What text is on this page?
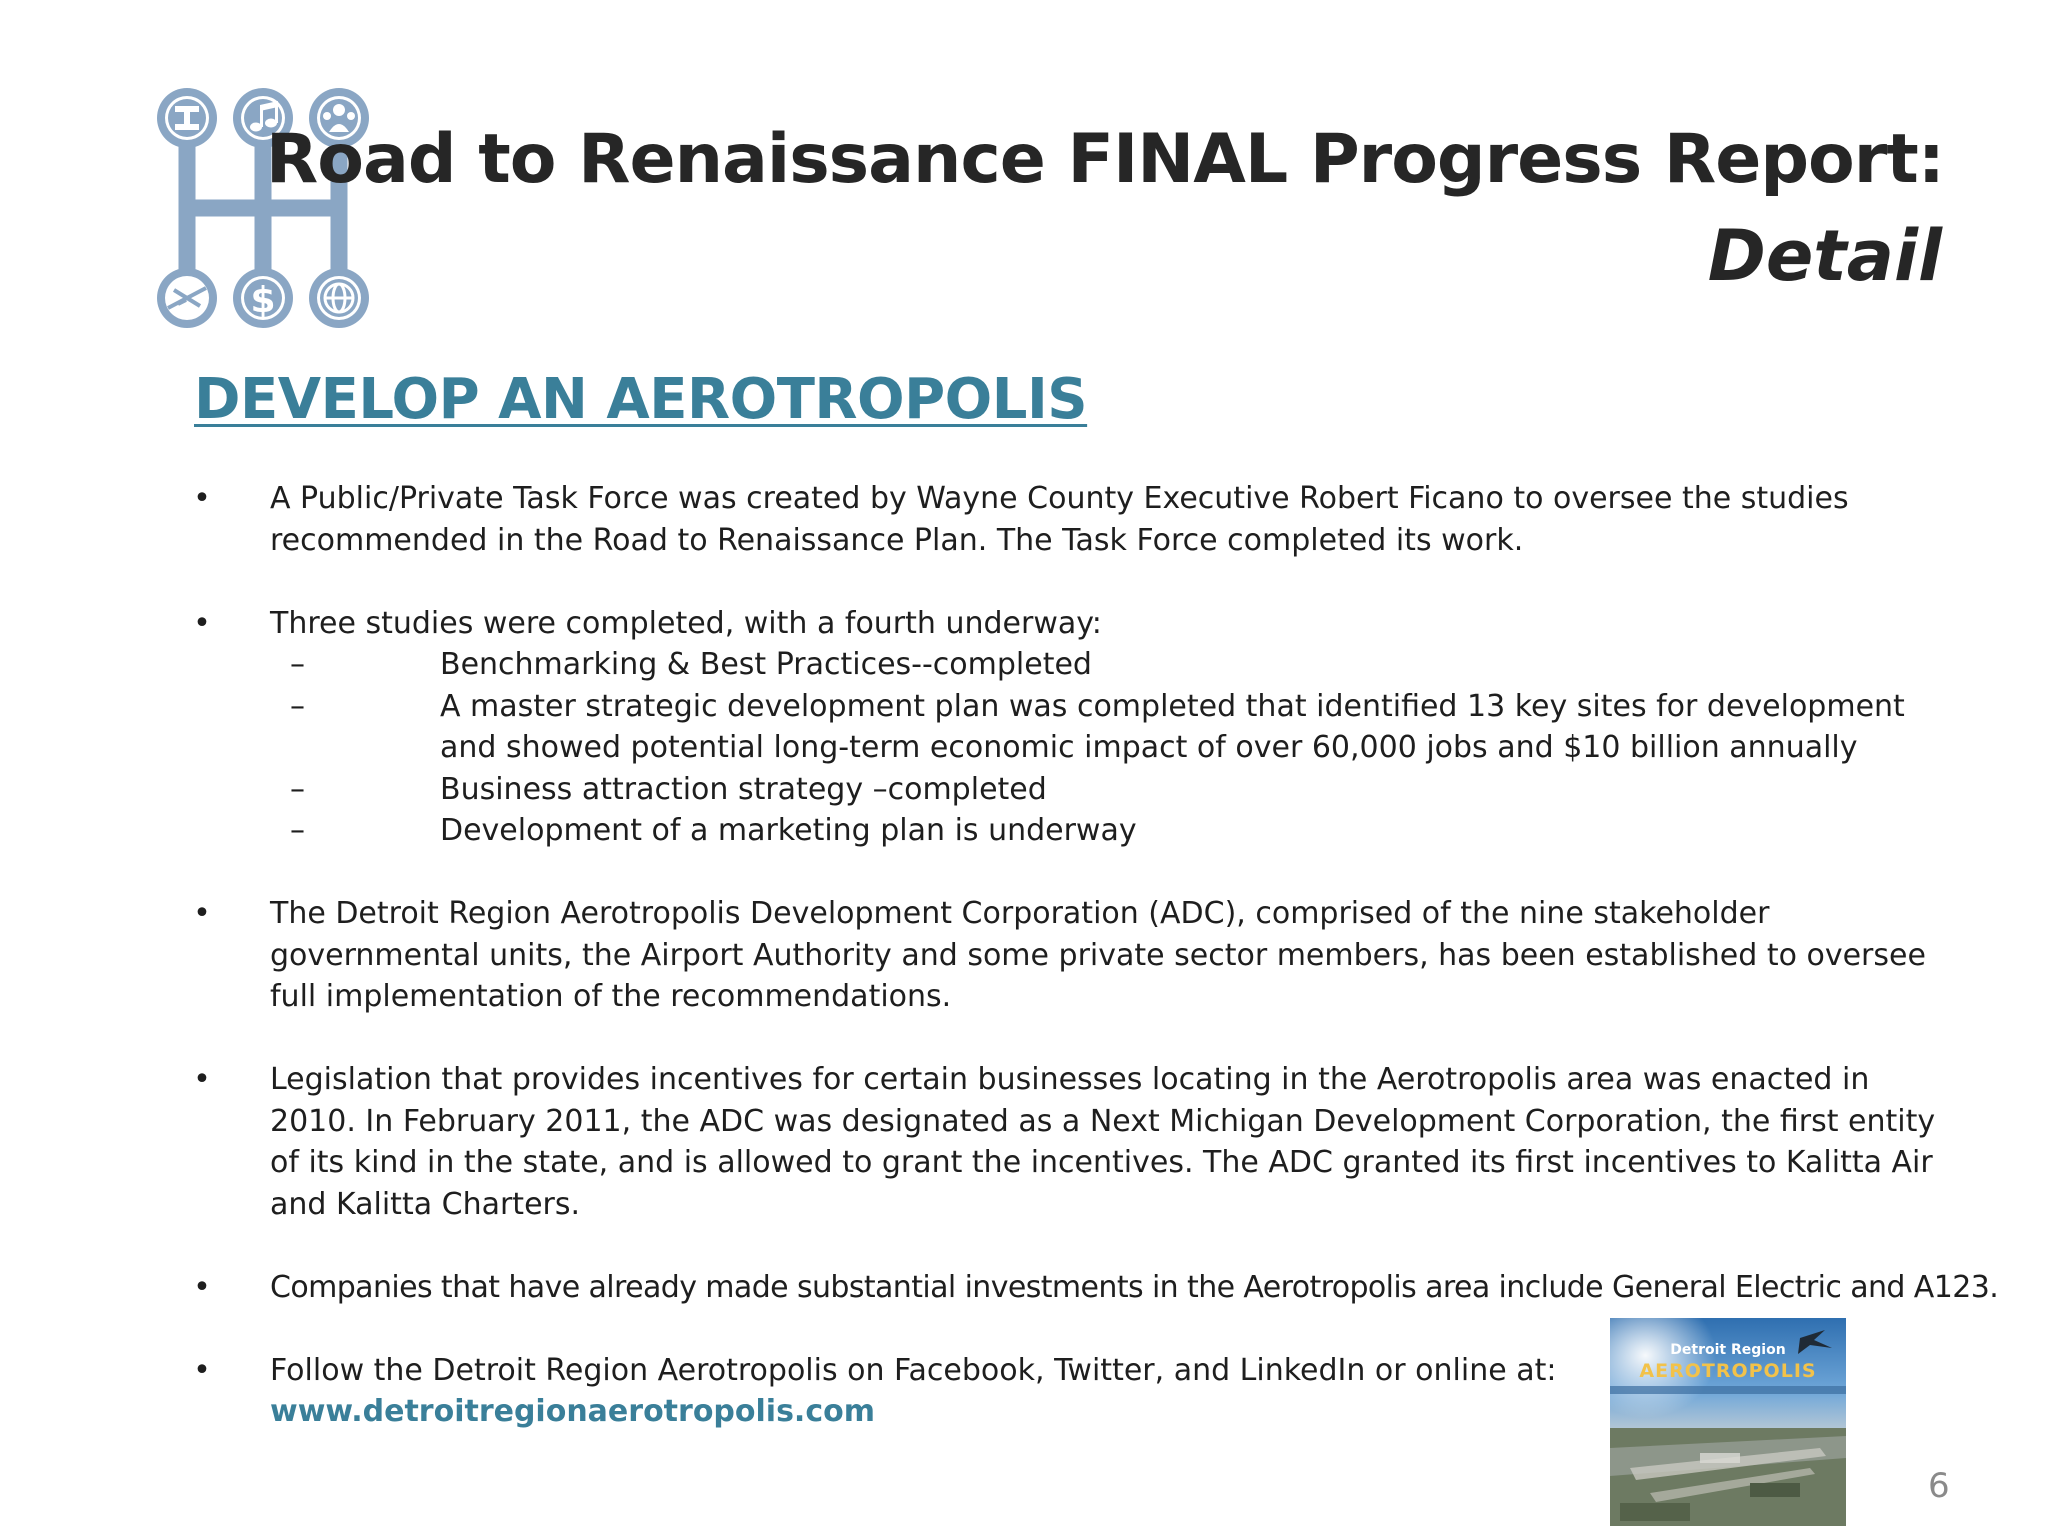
$
Road to Renaissance FINAL Progress Report:
Detail
DEVELOP AN AEROTROPOLIS
• A Public/Private Task Force was created by Wayne County Executive Robert Ficano to oversee the studies recommended in the Road to Renaissance Plan. The Task Force completed its work.
• Three studies were completed, with a fourth underway:
–	Benchmarking & Best Practices--completed
–	A master strategic development plan was completed that identified 13 key sites for development and showed potential long-term economic impact of over 60,000 jobs and $10 billion annually
–	Business attraction strategy –completed
–	Development of a marketing plan is underway
• The Detroit Region Aerotropolis Development Corporation (ADC), comprised of the nine stakeholder governmental units, the Airport Authority and some private sector members, has been established to oversee full implementation of the recommendations.
• Legislation that provides incentives for certain businesses locating in the Aerotropolis area was enacted in 2010. In February 2011, the ADC was designated as a Next Michigan Development Corporation, the first entity of its kind in the state, and is allowed to grant the incentives. The ADC granted its first incentives to Kalitta Air and Kalitta Charters.
• Companies that have already made substantial investments in the Aerotropolis area include General Electric and A123.
• Follow the Detroit Region Aerotropolis on Facebook, Twitter, and LinkedIn or online at:
www.detroitregionaerotropolis.com
Detroit Region
AEROTROPOLIS
6
